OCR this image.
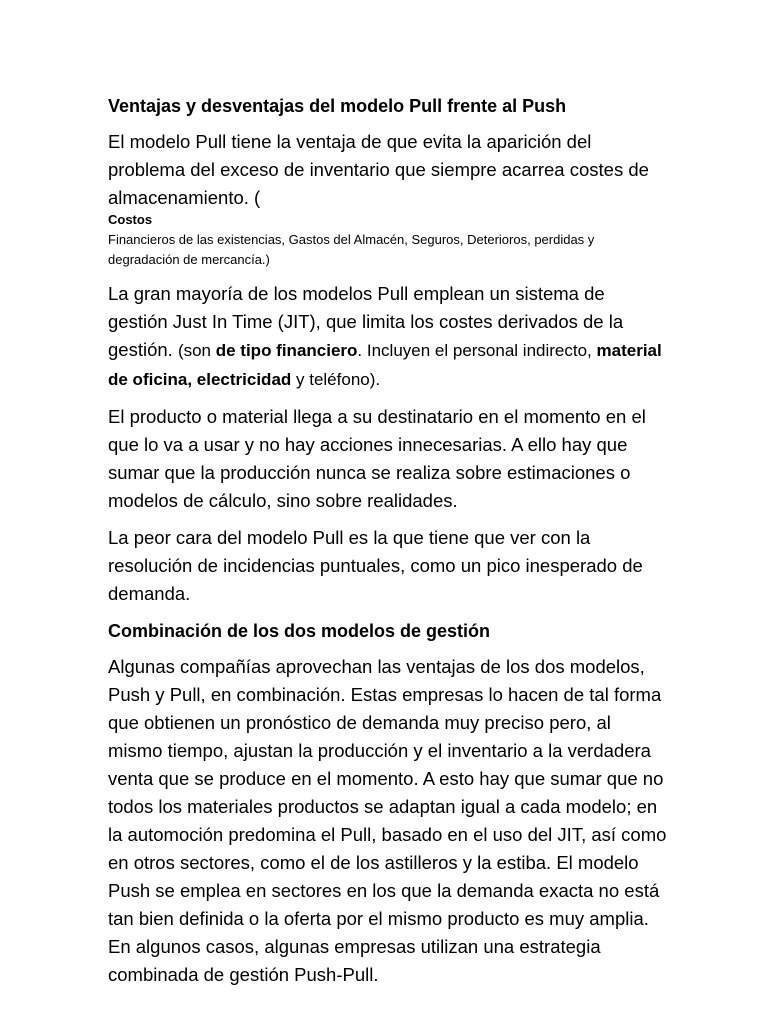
Ventajas y desventajas del modelo Pull frente al Push
El modelo Pull tiene la ventaja de que evita la aparición del problema del exceso de inventario que siempre acarrea costes de almacenamiento. (
Costos
Financieros de las existencias, Gastos del Almacén, Seguros, Deterioros, perdidas y degradación de mercancía.)
La gran mayoría de los modelos Pull emplean un sistema de gestión Just In Time (JIT), que limita los costes derivados de la gestión. (son de tipo financiero. Incluyen el personal indirecto, material de oficina, electricidad y teléfono).
El producto o material llega a su destinatario en el momento en el que lo va a usar y no hay acciones innecesarias. A ello hay que sumar que la producción nunca se realiza sobre estimaciones o modelos de cálculo, sino sobre realidades.
La peor cara del modelo Pull es la que tiene que ver con la resolución de incidencias puntuales, como un pico inesperado de demanda.
Combinación de los dos modelos de gestión
Algunas compañías aprovechan las ventajas de los dos modelos, Push y Pull, en combinación. Estas empresas lo hacen de tal forma que obtienen un pronóstico de demanda muy preciso pero, al mismo tiempo, ajustan la producción y el inventario a la verdadera venta que se produce en el momento. A esto hay que sumar que no todos los materiales productos se adaptan igual a cada modelo; en la automoción predomina el Pull, basado en el uso del JIT, así como en otros sectores, como el de los astilleros y la estiba. El modelo Push se emplea en sectores en los que la demanda exacta no está tan bien definida o la oferta por el mismo producto es muy amplia. En algunos casos, algunas empresas utilizan una estrategia combinada de gestión Push-Pull.
